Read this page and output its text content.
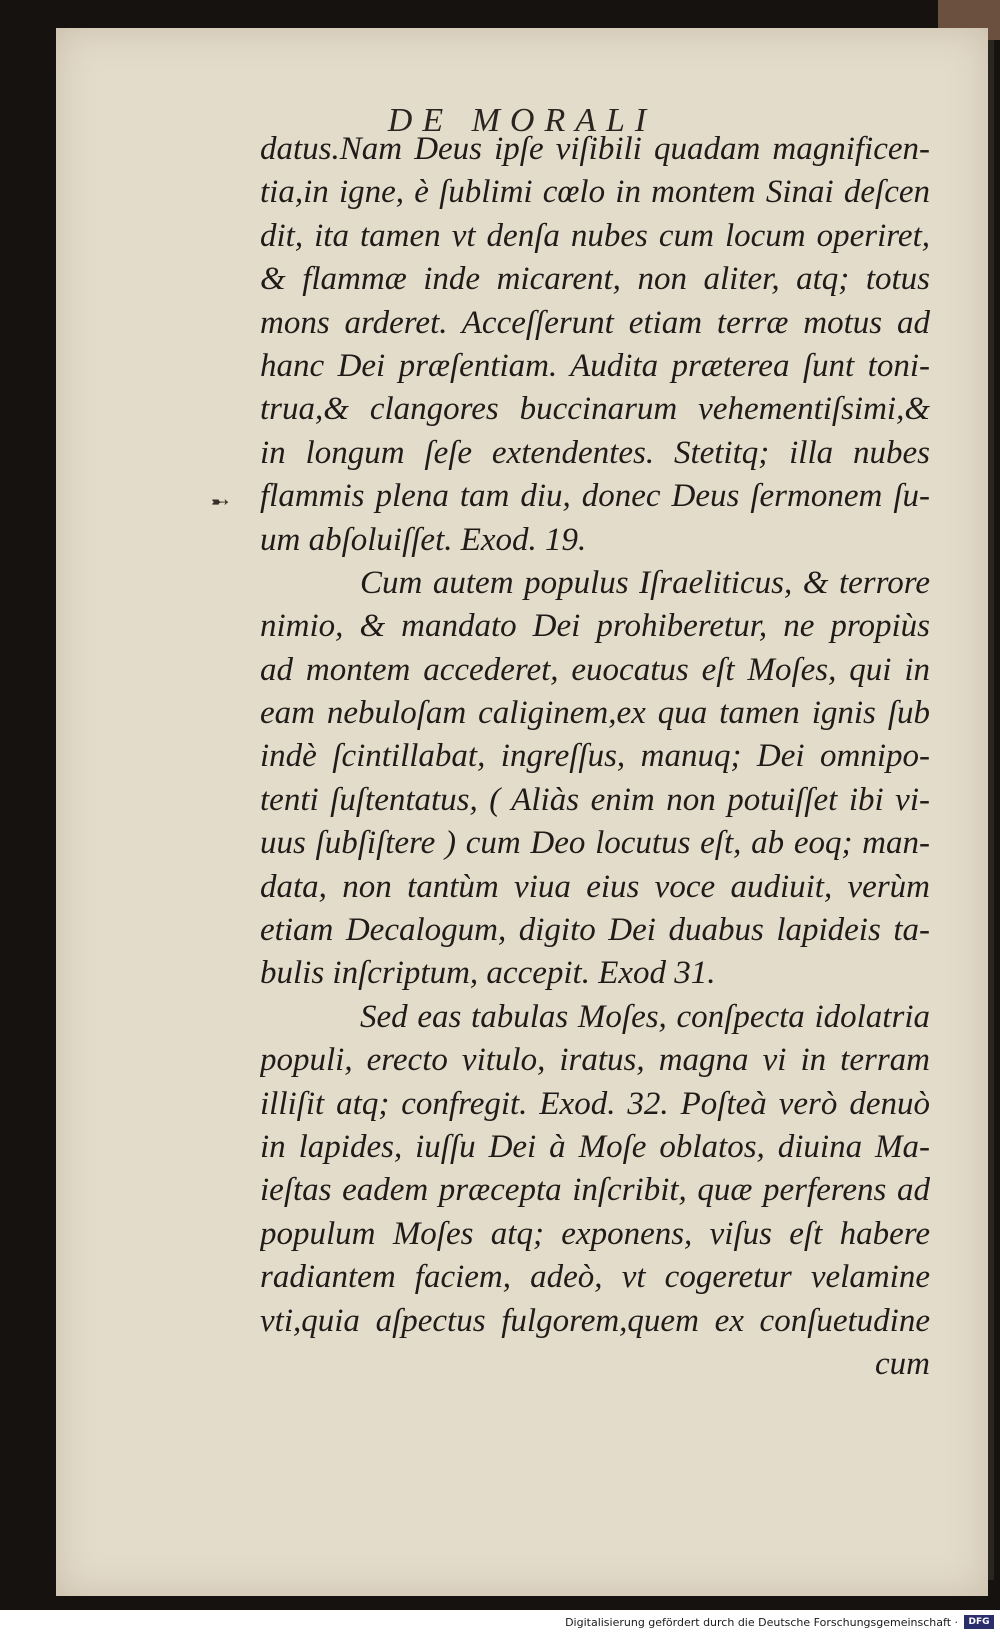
DE MORALI
➸
datus.Nam Deus ipſe viſibili quadam magnificen-
tia,in igne, è ſublimi cœlo in montem Sinai deſcen
dit, ita tamen vt denſa nubes cum locum operiret,
& flammæ inde micarent, non aliter, atq; totus
mons arderet. Acceſſerunt etiam terræ motus ad
hanc Dei præſentiam. Audita præterea ſunt toni-
trua,& clangores buccinarum vehementiſsimi,&
in longum ſeſe extendentes. Stetitq; illa nubes
flammis plena tam diu, donec Deus ſermonem ſu-
um abſoluiſſet. Exod. 19.
Cum autem populus Iſraeliticus, & terrore
nimio, & mandato Dei prohiberetur, ne propiùs
ad montem accederet, euocatus eſt Moſes, qui in
eam nebuloſam caliginem,ex qua tamen ignis ſub
indè ſcintillabat, ingreſſus, manuq; Dei omnipo-
tenti ſuſtentatus, ( Aliàs enim non potuiſſet ibi vi-
uus ſubſiſtere ) cum Deo locutus eſt, ab eoq; man-
data, non tantùm viua eius voce audiuit, verùm
etiam Decalogum, digito Dei duabus lapideis ta-
bulis inſcriptum, accepit. Exod 31.
Sed eas tabulas Moſes, conſpecta idolatria
populi, erecto vitulo, iratus, magna vi in terram
illiſit atq; confregit. Exod. 32. Poſteà verò denuò
in lapides, iuſſu Dei à Moſe oblatos, diuina Ma-
ieſtas eadem præcepta inſcribit, quæ perferens ad
populum Moſes atq; exponens, viſus eſt habere
radiantem faciem, adeò, vt cogeretur velamine
vti,quia aſpectus fulgorem,quem ex conſuetudine
cum
Digitalisierung gefördert durch die Deutsche Forschungsgemeinschaft ·	DFG
